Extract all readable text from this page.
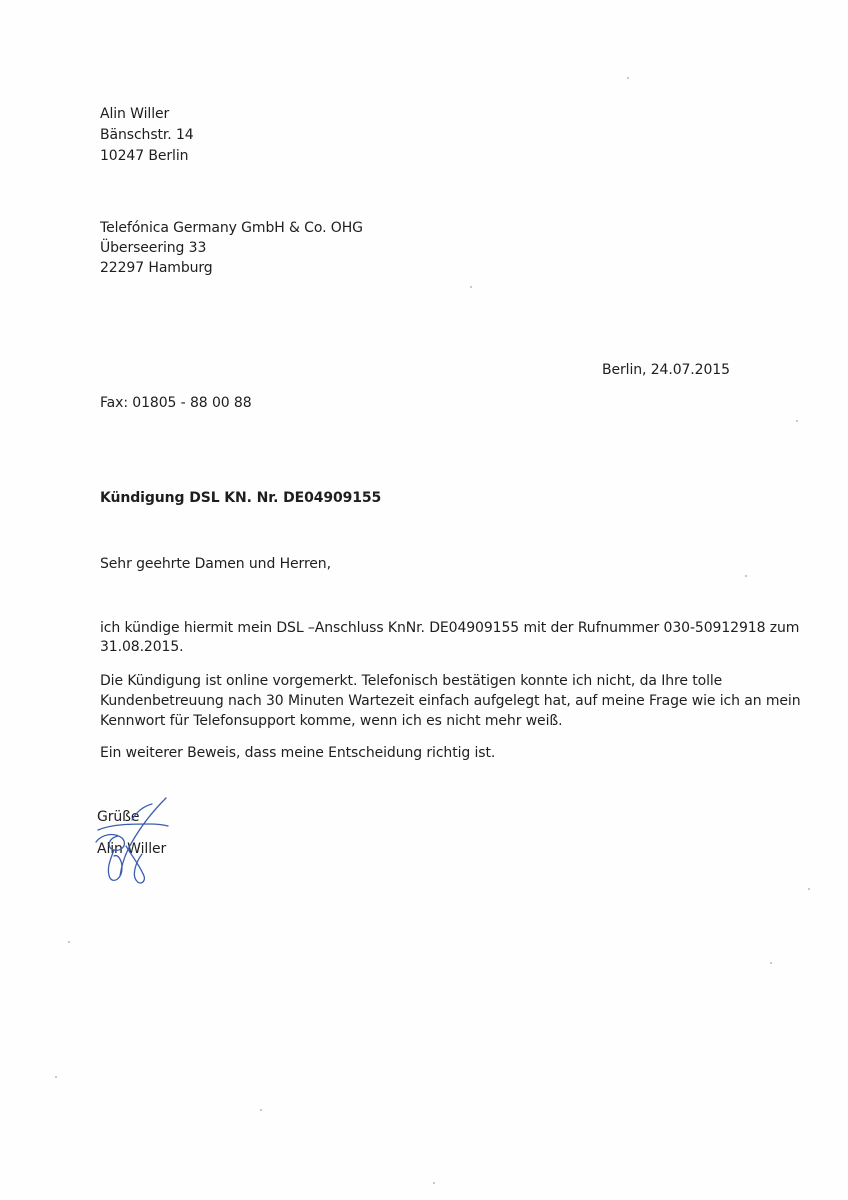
Alin Willer
Bänschstr. 14
10247 Berlin
Telefónica Germany GmbH & Co. OHG
Überseering 33
22297 Hamburg
Berlin, 24.07.2015
Fax: 01805 - 88 00 88
Kündigung DSL KN. Nr. DE04909155
Sehr geehrte Damen und Herren,
ich kündige hiermit mein DSL –Anschluss KnNr. DE04909155 mit der Rufnummer 030-50912918 zum
31.08.2015.
Die Kündigung ist online vorgemerkt. Telefonisch bestätigen konnte ich nicht, da Ihre tolle
Kundenbetreuung nach 30 Minuten Wartezeit einfach aufgelegt hat, auf meine Frage wie ich an mein
Kennwort für Telefonsupport komme, wenn ich es nicht mehr weiß.
Ein weiterer Beweis, dass meine Entscheidung richtig ist.
Grüße
Alin Willer
